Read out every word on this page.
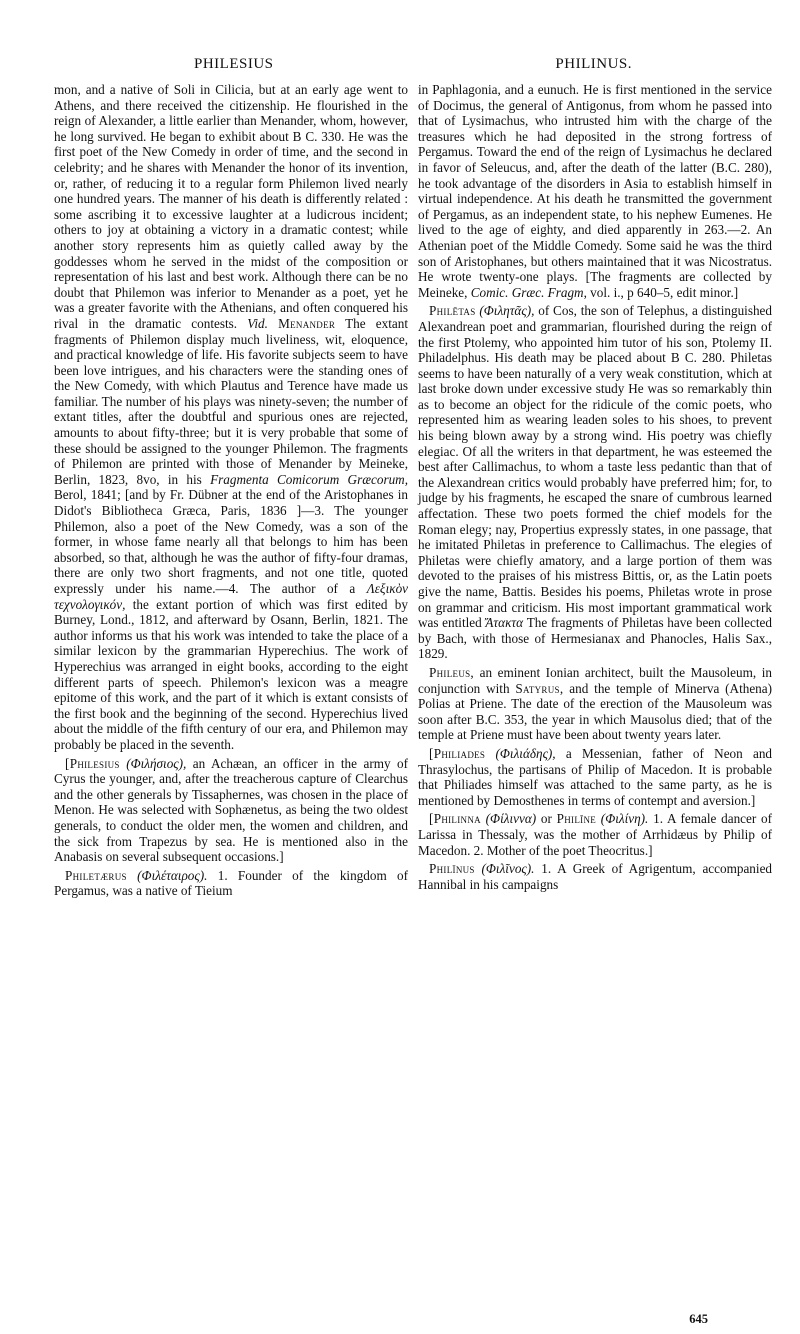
PHILESIUS	PHILINUS.

mon, and a native of Soli in Cilicia, but at an early age went to Athens, and there received the citizenship. He flourished in the reign of Alexander, a little earlier than Menander, whom, however, he long survived. He began to exhibit about B C. 330. He was the first poet of the New Comedy in order of time, and the second in celebrity; and he shares with Menander the honor of its invention, or, rather, of reducing it to a regular form Philemon lived nearly one hundred years. The manner of his death is differently related : some ascribing it to excessive laughter at a ludicrous incident; others to joy at obtaining a victory in a dramatic contest; while another story represents him as quietly called away by the goddesses whom he served in the midst of the composition or representation of his last and best work. Although there can be no doubt that Philemon was inferior to Menander as a poet, yet he was a greater favorite with the Athenians, and often conquered his rival in the dramatic contests. Vid. Menander The extant fragments of Philemon display much liveliness, wit, eloquence, and practical knowledge of life. His favorite subjects seem to have been love intrigues, and his characters were the standing ones of the New Comedy, with which Plautus and Terence have made us familiar. The number of his plays was ninety-seven; the number of extant titles, after the doubtful and spurious ones are rejected, amounts to about fifty-three; but it is very probable that some of these should be assigned to the younger Philemon. The fragments of Philemon are printed with those of Menander by Meineke, Berlin, 1823, 8vo, in his Fragmenta Comicorum Græcorum, Berol, 1841; [and by Fr. Dübner at the end of the Aristophanes in Didot's Bibliotheca Græca, Paris, 1836 ]—3. The younger Philemon, also a poet of the New Comedy, was a son of the former, in whose fame nearly all that belongs to him has been absorbed, so that, although he was the author of fifty-four dramas, there are only two short fragments, and not one title, quoted expressly under his name.—4. The author of a Λεξικὸν τεχνολογικόν, the extant portion of which was first edited by Burney, Lond., 1812, and afterward by Osann, Berlin, 1821. The author informs us that his work was intended to take the place of a similar lexicon by the grammarian Hyperechius. The work of Hyperechius was arranged in eight books, according to the eight different parts of speech. Philemon's lexicon was a meagre epitome of this work, and the part of it which is extant consists of the first book and the beginning of the second. Hyperechius lived about the middle of the fifth century of our era, and Philemon may probably be placed in the seventh.

[Philesius (Φιλήσιος), an Achæan, an officer in the army of Cyrus the younger, and, after the treacherous capture of Clearchus and the other generals by Tissaphernes, was chosen in the place of Menon. He was selected with Sophænetus, as being the two oldest generals, to conduct the older men, the women and children, and the sick from Trapezus by sea. He is mentioned also in the Anabasis on several subsequent occasions.]

Philetærus (Φιλέταιρος). 1. Founder of the kingdom of Pergamus, was a native of Tieium

in Paphlagonia, and a eunuch. He is first mentioned in the service of Docimus, the general of Antigonus, from whom he passed into that of Lysimachus, who intrusted him with the charge of the treasures which he had deposited in the strong fortress of Pergamus. Toward the end of the reign of Lysimachus he declared in favor of Seleucus, and, after the death of the latter (B.C. 280), he took advantage of the disorders in Asia to establish himself in virtual independence. At his death he transmitted the government of Pergamus, as an independent state, to his nephew Eumenes. He lived to the age of eighty, and died apparently in 263.—2. An Athenian poet of the Middle Comedy. Some said he was the third son of Aristophanes, but others maintained that it was Nicostratus. He wrote twenty-one plays. [The fragments are collected by Meineke, Comic. Græc. Fragm, vol. i., p 640–5, edit minor.]

Philētas (Φιλητᾶς), of Cos, the son of Telephus, a distinguished Alexandrean poet and grammarian, flourished during the reign of the first Ptolemy, who appointed him tutor of his son, Ptolemy II. Philadelphus. His death may be placed about B C. 280. Philetas seems to have been naturally of a very weak constitution, which at last broke down under excessive study He was so remarkably thin as to become an object for the ridicule of the comic poets, who represented him as wearing leaden soles to his shoes, to prevent his being blown away by a strong wind. His poetry was chiefly elegiac. Of all the writers in that department, he was esteemed the best after Callimachus, to whom a taste less pedantic than that of the Alexandrean critics would probably have preferred him; for, to judge by his fragments, he escaped the snare of cumbrous learned affectation. These two poets formed the chief models for the Roman elegy; nay, Propertius expressly states, in one passage, that he imitated Philetas in preference to Callimachus. The elegies of Philetas were chiefly amatory, and a large portion of them was devoted to the praises of his mistress Bittis, or, as the Latin poets give the name, Battis. Besides his poems, Philetas wrote in prose on grammar and criticism. His most important grammatical work was entitled Ἄτακτα The fragments of Philetas have been collected by Bach, with those of Hermesianax and Phanocles, Halis Sax., 1829.

Phileus, an eminent Ionian architect, built the Mausoleum, in conjunction with Satyrus, and the temple of Minerva (Athena) Polias at Priene. The date of the erection of the Mausoleum was soon after B.C. 353, the year in which Mausolus died; that of the temple at Priene must have been about twenty years later.

[Philiades (Φιλιάδης), a Messenian, father of Neon and Thrasylochus, the partisans of Philip of Macedon. It is probable that Philiades himself was attached to the same party, as he is mentioned by Demosthenes in terms of contempt and aversion.]

[Philinna (Φίλιννα) or Philīne (Φιλίνη). 1. A female dancer of Larissa in Thessaly, was the mother of Arrhidæus by Philip of Macedon. 2. Mother of the poet Theocritus.]

Philīnus (Φιλῖνος). 1. A Greek of Agrigentum, accompanied Hannibal in his campaigns

645
